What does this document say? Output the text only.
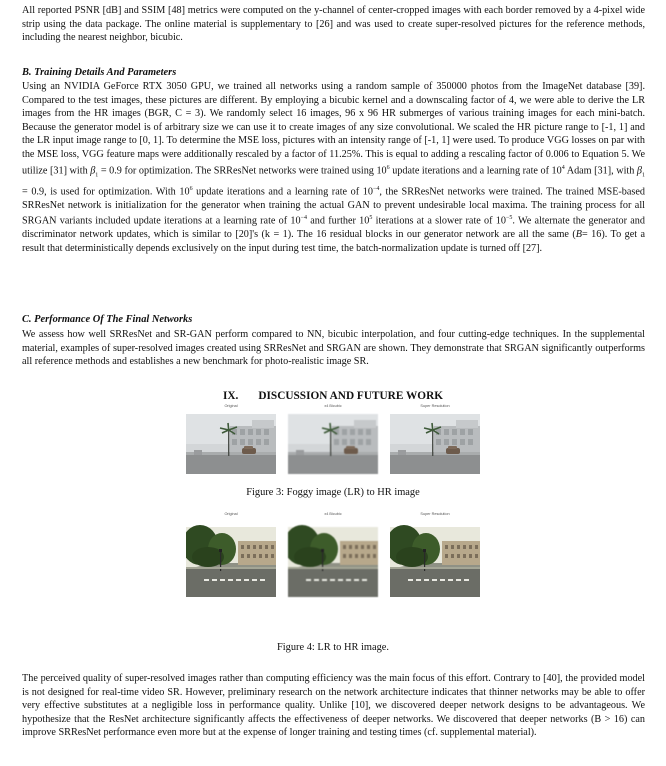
All reported PSNR [dB] and SSIM [48] metrics were computed on the y-channel of center-cropped images with each border removed by a 4-pixel wide strip using the data package. The online material is supplementary to [26] and was used to create super-resolved pictures for the reference methods, including the nearest neighbor, bicubic.

B. Training Details And Parameters

Using an NVIDIA GeForce RTX 3050 GPU, we trained all networks using a random sample of 350000 photos from the ImageNet database [39]. Compared to the test images, these pictures are different. By employing a bicubic kernel and a downscaling factor of 4, we were able to derive the LR images from the HR images (BGR, C = 3). We randomly select 16 images, 96 x 96 HR submerges of various training images for each mini-batch. Because the generator model is of arbitrary size we can use it to create images of any size convolutional. We scaled the HR picture range to [-1, 1] and the LR input image range to [0, 1]. To determine the MSE loss, pictures with an intensity range of [-1, 1] were used. To produce VGG losses on par with the MSE loss, VGG feature maps were additionally rescaled by a factor of 11.25%. This is equal to adding a rescaling factor of 0.006 to Equation 5. We utilize [31] with $\beta_1 = 0.9$ for optimization. The SRResNet networks were trained using $10^6$ update iterations and a learning rate of $10^4$ Adam [31], with $\beta_1 = 0.9$, is used for optimization. With $10^6$ update iterations and a learning rate of $10^{-4}$, the SRResNet networks were trained. The trained MSE-based SRResNet network is initialization for the generator when training the actual GAN to prevent undesirable local maxima. The training process for all SRGAN variants included update iterations at a learning rate of $10^{-4}$ and further $10^5$ iterations at a slower rate of $10^{-5}$. We alternate the generator and discriminator network updates, which is similar to [20]'s (k = 1). The 16 residual blocks in our generator network are all the same (B= 16). To get a result that deterministically depends exclusively on the input during test time, the batch-normalization update is turned off [27].

C. Performance Of The Final Networks

We assess how well SRResNet and SR-GAN perform compared to NN, bicubic interpolation, and four cutting-edge techniques. In the supplemental material, examples of super-resolved images created using SRResNet and SRGAN are shown. They demonstrate that SRGAN significantly outperforms all reference methods and establishes a new benchmark for photo-realistic image SR.

IX. DISCUSSION AND FUTURE WORK
Original	x4 Bicubic	Super Resolution

Figure 3: Foggy image (LR) to HR image

Original	x4 Bicubic	Super Resolution

Figure 4: LR to HR image.

The perceived quality of super-resolved images rather than computing efficiency was the main focus of this effort. Contrary to [40], the provided model is not designed for real-time video SR. However, preliminary research on the network architecture indicates that thinner networks may be able to offer very effective substitutes at a negligible loss in performance quality. Unlike [10], we discovered deeper network designs to be advantageous. We hypothesize that the ResNet architecture significantly affects the effectiveness of deeper networks. We discovered that deeper networks (B > 16) can improve SRResNet performance even more but at the expense of longer training and testing times (cf. supplemental material).
